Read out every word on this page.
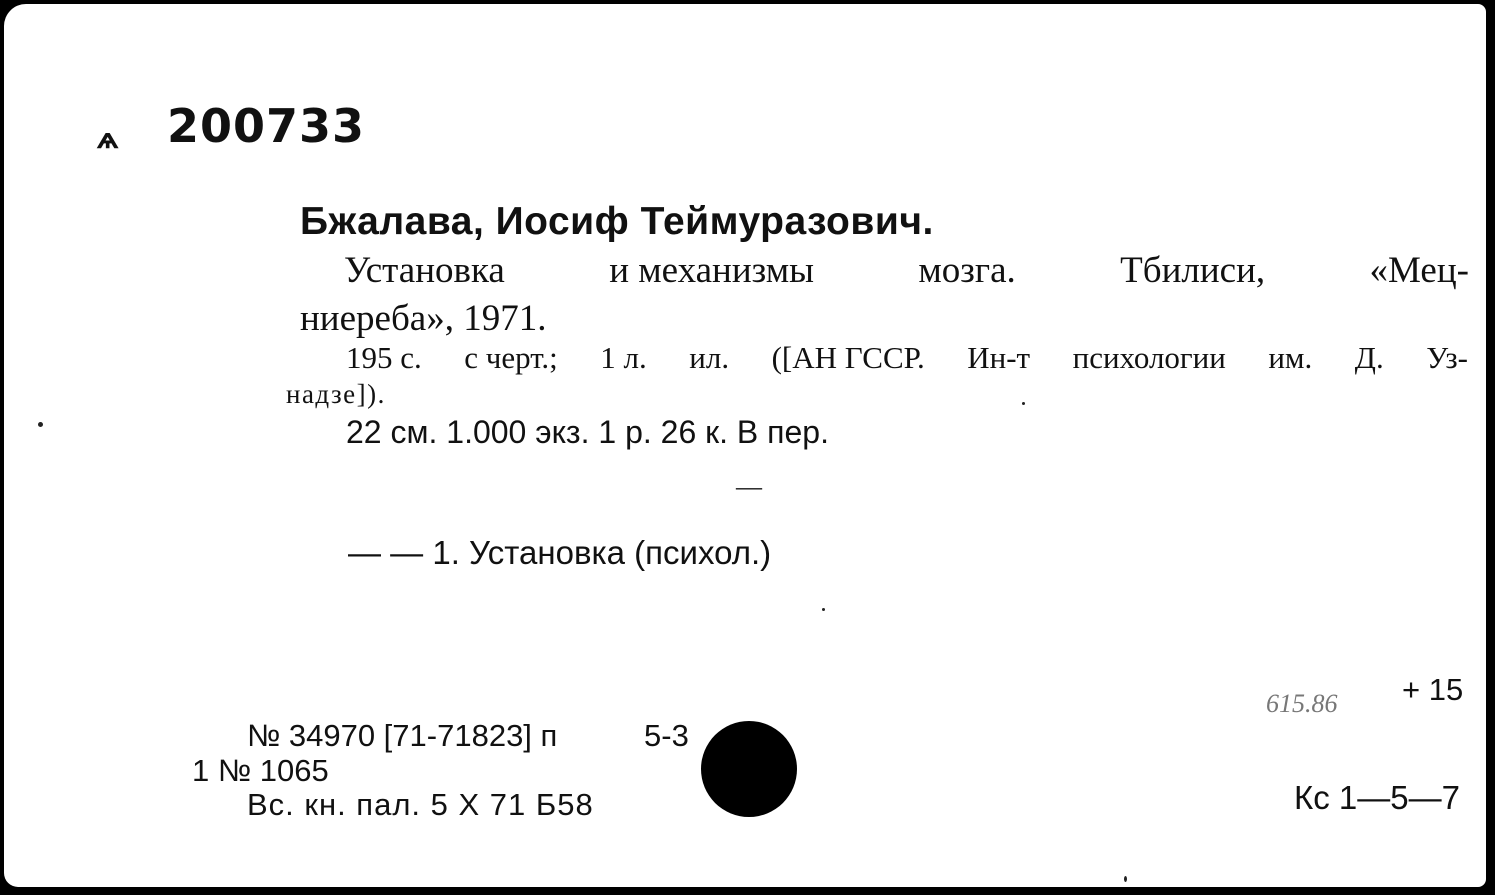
ѧ 200733
Бжалава, Иосиф Теймуразович.
Установка	и механизмы	мозга.	Тбилиси,	«Мец-
ниереба», 1971.
195 с. с черт.; 1 л. ил. ([АН ГССР. Ин-т психологии им. Д. Уз-
надзе]).
22 см. 1.000 экз. 1 р. 26 к. В пер.
—
— — 1. Установка (психол.)
№ 34970 [71-71823] п	5-3
1 № 1065
Вс. кн. пал. 5 X 71 Б58
615.86 + 15
Кс 1—5—7
